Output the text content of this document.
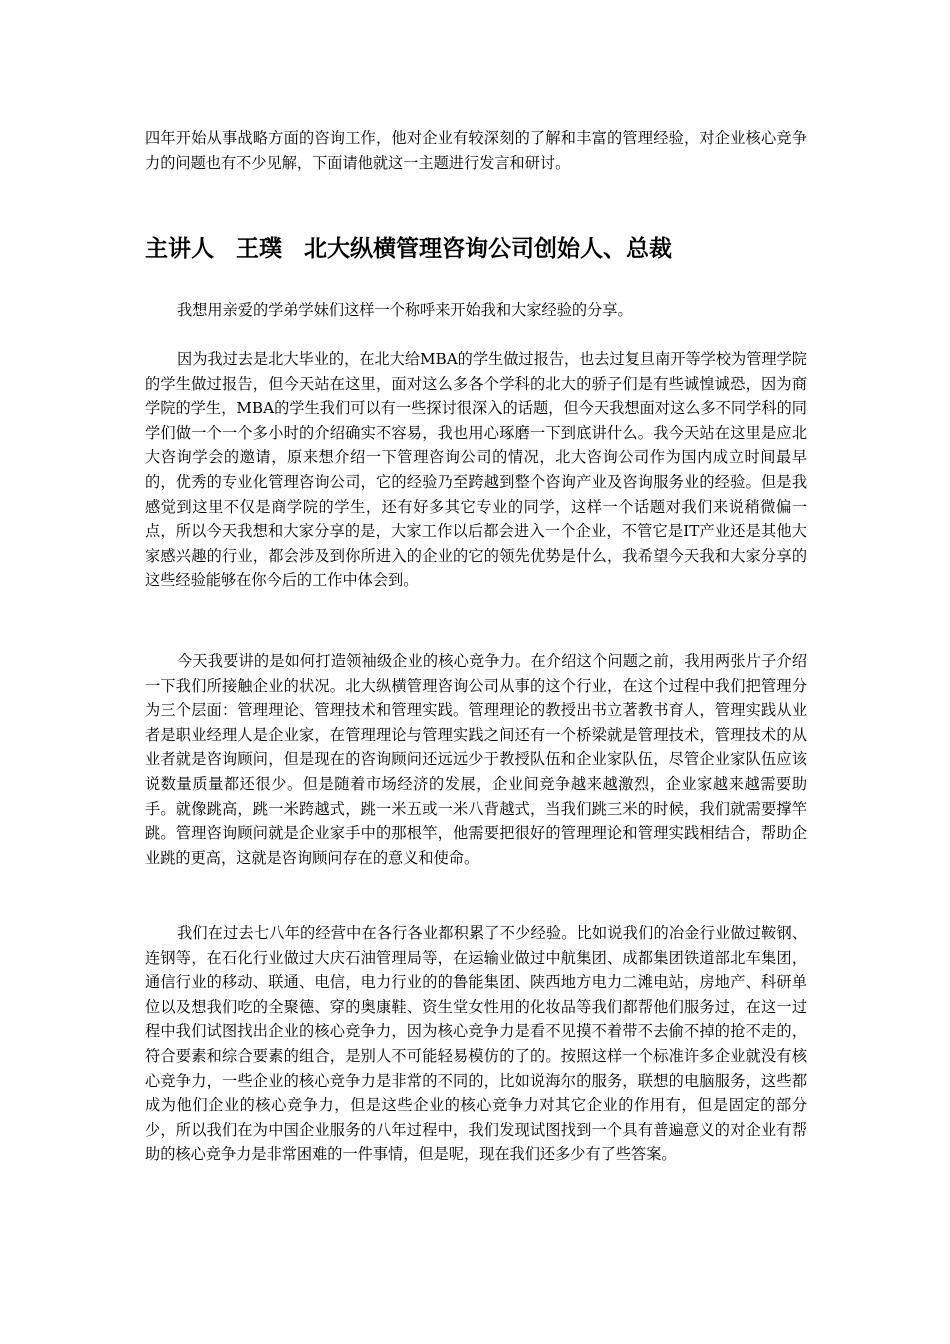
四年开始从事战略方面的咨询工作，他对企业有较深刻的了解和丰富的管理经验，对企业核心竞争力的问题也有不少见解，下面请他就这一主题进行发言和研讨。

主讲人 王璞 北大纵横管理咨询公司创始人、总裁

我想用亲爱的学弟学妹们这样一个称呼来开始我和大家经验的分享。

因为我过去是北大毕业的，在北大给MBA的学生做过报告，也去过复旦南开等学校为管理学院的学生做过报告，但今天站在这里，面对这么多各个学科的北大的骄子们是有些诚惶诚恐，因为商学院的学生，MBA的学生我们可以有一些探讨很深入的话题，但今天我想面对这么多不同学科的同学们做一个一个多小时的介绍确实不容易，我也用心琢磨一下到底讲什么。我今天站在这里是应北大咨询学会的邀请，原来想介绍一下管理咨询公司的情况，北大咨询公司作为国内成立时间最早的，优秀的专业化管理咨询公司，它的经验乃至跨越到整个咨询产业及咨询服务业的经验。但是我感觉到这里不仅是商学院的学生，还有好多其它专业的同学，这样一个话题对我们来说稍微偏一点，所以今天我想和大家分享的是，大家工作以后都会进入一个企业，不管它是IT产业还是其他大家感兴趣的行业，都会涉及到你所进入的企业的它的领先优势是什么，我希望今天我和大家分享的这些经验能够在你今后的工作中体会到。

今天我要讲的是如何打造领袖级企业的核心竞争力。在介绍这个问题之前，我用两张片子介绍一下我们所接触企业的状况。北大纵横管理咨询公司从事的这个行业，在这个过程中我们把管理分为三个层面：管理理论、管理技术和管理实践。管理理论的教授出书立著教书育人，管理实践从业者是职业经理人是企业家，在管理理论与管理实践之间还有一个桥梁就是管理技术，管理技术的从业者就是咨询顾问，但是现在的咨询顾问还远远少于教授队伍和企业家队伍，尽管企业家队伍应该说数量质量都还很少。但是随着市场经济的发展，企业间竞争越来越激烈，企业家越来越需要助手。就像跳高，跳一米跨越式，跳一米五或一米八背越式，当我们跳三米的时候，我们就需要撑竿跳。管理咨询顾问就是企业家手中的那根竿，他需要把很好的管理理论和管理实践相结合，帮助企业跳的更高，这就是咨询顾问存在的意义和使命。

我们在过去七八年的经营中在各行各业都积累了不少经验。比如说我们的冶金行业做过鞍钢、连钢等，在石化行业做过大庆石油管理局等，在运输业做过中航集团、成都集团铁道部北车集团，通信行业的移动、联通、电信，电力行业的的鲁能集团、陕西地方电力二滩电站，房地产、科研单位以及想我们吃的全聚德、穿的奥康鞋、资生堂女性用的化妆品等我们都帮他们服务过，在这一过程中我们试图找出企业的核心竞争力，因为核心竞争力是看不见摸不着带不去偷不掉的抢不走的，符合要素和综合要素的组合，是别人不可能轻易模仿的了的。按照这样一个标准许多企业就没有核心竞争力，一些企业的核心竞争力是非常的不同的，比如说海尔的服务，联想的电脑服务，这些都成为他们企业的核心竞争力，但是这些企业的核心竞争力对其它企业的作用有，但是固定的部分少，所以我们在为中国企业服务的八年过程中，我们发现试图找到一个具有普遍意义的对企业有帮助的核心竞争力是非常困难的一件事情，但是呢，现在我们还多少有了些答案。
